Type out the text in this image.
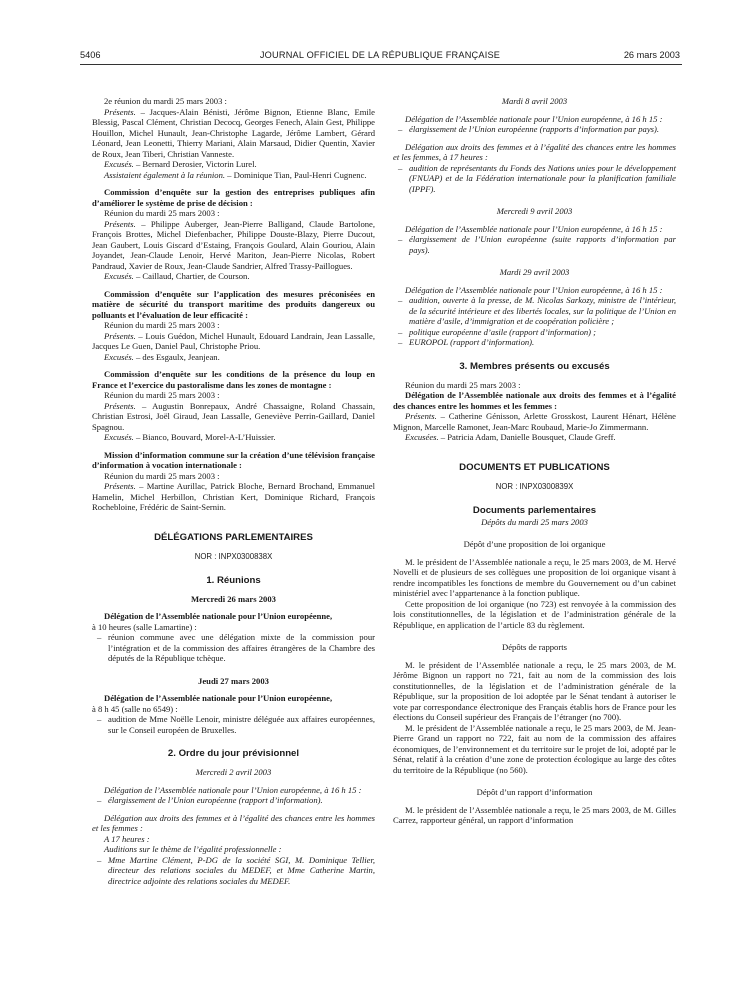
5406	JOURNAL OFFICIEL DE LA RÉPUBLIQUE FRANÇAISE	26 mars 2003

2e réunion du mardi 25 mars 2003 :

Présents. – Jacques-Alain Bénisti, Jérôme Bignon, Etienne Blanc, Emile Blessig, Pascal Clément, Christian Decocq, Georges Fenech, Alain Gest, Philippe Houillon, Michel Hunault, Jean-Christophe Lagarde, Jérôme Lambert, Gérard Léonard, Jean Leonetti, Thierry Mariani, Alain Marsaud, Didier Quentin, Xavier de Roux, Jean Tiberi, Christian Vanneste.

Excusés. – Bernard Derosier, Victorin Lurel.

Assistaient également à la réunion. – Dominique Tian, Paul-Henri Cugnenc.

Commission d’enquête sur la gestion des entreprises publiques afin d’améliorer le système de prise de décision :

Réunion du mardi 25 mars 2003 :

Présents. – Philippe Auberger, Jean-Pierre Balligand, Claude Bartolone, François Brottes, Michel Diefenbacher, Philippe Douste-Blazy, Pierre Ducout, Jean Gaubert, Louis Giscard d’Estaing, François Goulard, Alain Gouriou, Alain Joyandet, Jean-Claude Lenoir, Hervé Mariton, Jean-Pierre Nicolas, Robert Pandraud, Xavier de Roux, Jean-Claude Sandrier, Alfred Trassy-Paillogues.

Excusés. – Caillaud, Chartier, de Courson.

Commission d’enquête sur l’application des mesures préconisées en matière de sécurité du transport maritime des produits dangereux ou polluants et l’évaluation de leur efficacité :

Réunion du mardi 25 mars 2003 :

Présents. – Louis Guédon, Michel Hunault, Edouard Landrain, Jean Lassalle, Jacques Le Guen, Daniel Paul, Christophe Priou.

Excusés. – des Esgaulx, Jeanjean.

Commission d’enquête sur les conditions de la présence du loup en France et l’exercice du pastoralisme dans les zones de montagne :

Réunion du mardi 25 mars 2003 :

Présents. – Augustin Bonrepaux, André Chassaigne, Roland Chassain, Christian Estrosi, Joël Giraud, Jean Lassalle, Geneviève Perrin-Gaillard, Daniel Spagnou.

Excusés. – Bianco, Bouvard, Morel-A-L’Huissier.

Mission d’information commune sur la création d’une télévision française d’information à vocation internationale :

Réunion du mardi 25 mars 2003 :

Présents. – Martine Aurillac, Patrick Bloche, Bernard Brochand, Emmanuel Hamelin, Michel Herbillon, Christian Kert, Dominique Richard, François Rochebloine, Frédéric de Saint-Sernin.

DÉLÉGATIONS PARLEMENTAIRES
NOR : INPX0300838X
1. Réunions

Mercredi 26 mars 2003

Délégation de l’Assemblée nationale pour l’Union européenne,

à 10 heures (salle Lamartine) :

– réunion commune avec une délégation mixte de la commission pour l’intégration et de la commission des affaires étrangères de la Chambre des députés de la République tchèque.

Jeudi 27 mars 2003

Délégation de l’Assemblée nationale pour l’Union européenne,

à 8 h 45 (salle no 6549) :

– audition de Mme Noëlle Lenoir, ministre déléguée aux affaires européennes, sur le Conseil européen de Bruxelles.

2. Ordre du jour prévisionnel

Mercredi 2 avril 2003

Délégation de l’Assemblée nationale pour l’Union européenne, à 16 h 15 :

– élargissement de l’Union européenne (rapport d’information).

Délégation aux droits des femmes et à l’égalité des chances entre les hommes et les femmes :

A 17 heures :

Auditions sur le thème de l’égalité professionnelle :

– Mme Martine Clément, P-DG de la société SGI, M. Dominique Tellier, directeur des relations sociales du MEDEF, et Mme Catherine Martin, directrice adjointe des relations sociales du MEDEF.

Mardi 8 avril 2003

Délégation de l’Assemblée nationale pour l’Union européenne, à 16 h 15 :

– élargissement de l’Union européenne (rapports d’information par pays).

Délégation aux droits des femmes et à l’égalité des chances entre les hommes et les femmes, à 17 heures :

– audition de représentants du Fonds des Nations unies pour le développement (FNUAP) et de la Fédération internationale pour la planification familiale (IPPF).

Mercredi 9 avril 2003

Délégation de l’Assemblée nationale pour l’Union européenne, à 16 h 15 :

– élargissement de l’Union européenne (suite rapports d’information par pays).

Mardi 29 avril 2003

Délégation de l’Assemblée nationale pour l’Union européenne, à 16 h 15 :

– audition, ouverte à la presse, de M. Nicolas Sarkozy, ministre de l’intérieur, de la sécurité intérieure et des libertés locales, sur la politique de l’Union en matière d’asile, d’immigration et de coopération policière ;

– politique européenne d’asile (rapport d’information) ;

– EUROPOL (rapport d’information).

3. Membres présents ou excusés

Réunion du mardi 25 mars 2003 :

Délégation de l’Assemblée nationale aux droits des femmes et à l’égalité des chances entre les hommes et les femmes :

Présents. – Catherine Génisson, Arlette Grosskost, Laurent Hénart, Hélène Mignon, Marcelle Ramonet, Jean-Marc Roubaud, Marie-Jo Zimmermann.

Excusées. – Patricia Adam, Danielle Bousquet, Claude Greff.

DOCUMENTS ET PUBLICATIONS
NOR : INPX0300839X
Documents parlementaires

Dépôts du mardi 25 mars 2003

Dépôt d’une proposition de loi organique

M. le président de l’Assemblée nationale a reçu, le 25 mars 2003, de M. Hervé Novelli et de plusieurs de ses collègues une proposition de loi organique visant à rendre incompatibles les fonctions de membre du Gouvernement ou d’un cabinet ministériel avec l’appartenance à la fonction publique.

Cette proposition de loi organique (no 723) est renvoyée à la commission des lois constitutionnelles, de la législation et de l’administration générale de la République, en application de l’article 83 du règlement.

Dépôts de rapports

M. le président de l’Assemblée nationale a reçu, le 25 mars 2003, de M. Jérôme Bignon un rapport no 721, fait au nom de la commission des lois constitutionnelles, de la législation et de l’administration générale de la République, sur la proposition de loi adoptée par le Sénat tendant à autoriser le vote par correspondance électronique des Français établis hors de France pour les élections du Conseil supérieur des Français de l’étranger (no 700).

M. le président de l’Assemblée nationale a reçu, le 25 mars 2003, de M. Jean-Pierre Grand un rapport no 722, fait au nom de la commission des affaires économiques, de l’environnement et du territoire sur le projet de loi, adopté par le Sénat, relatif à la création d’une zone de protection écologique au large des côtes du territoire de la République (no 560).

Dépôt d’un rapport d’information

M. le président de l’Assemblée nationale a reçu, le 25 mars 2003, de M. Gilles Carrez, rapporteur général, un rapport d’information
